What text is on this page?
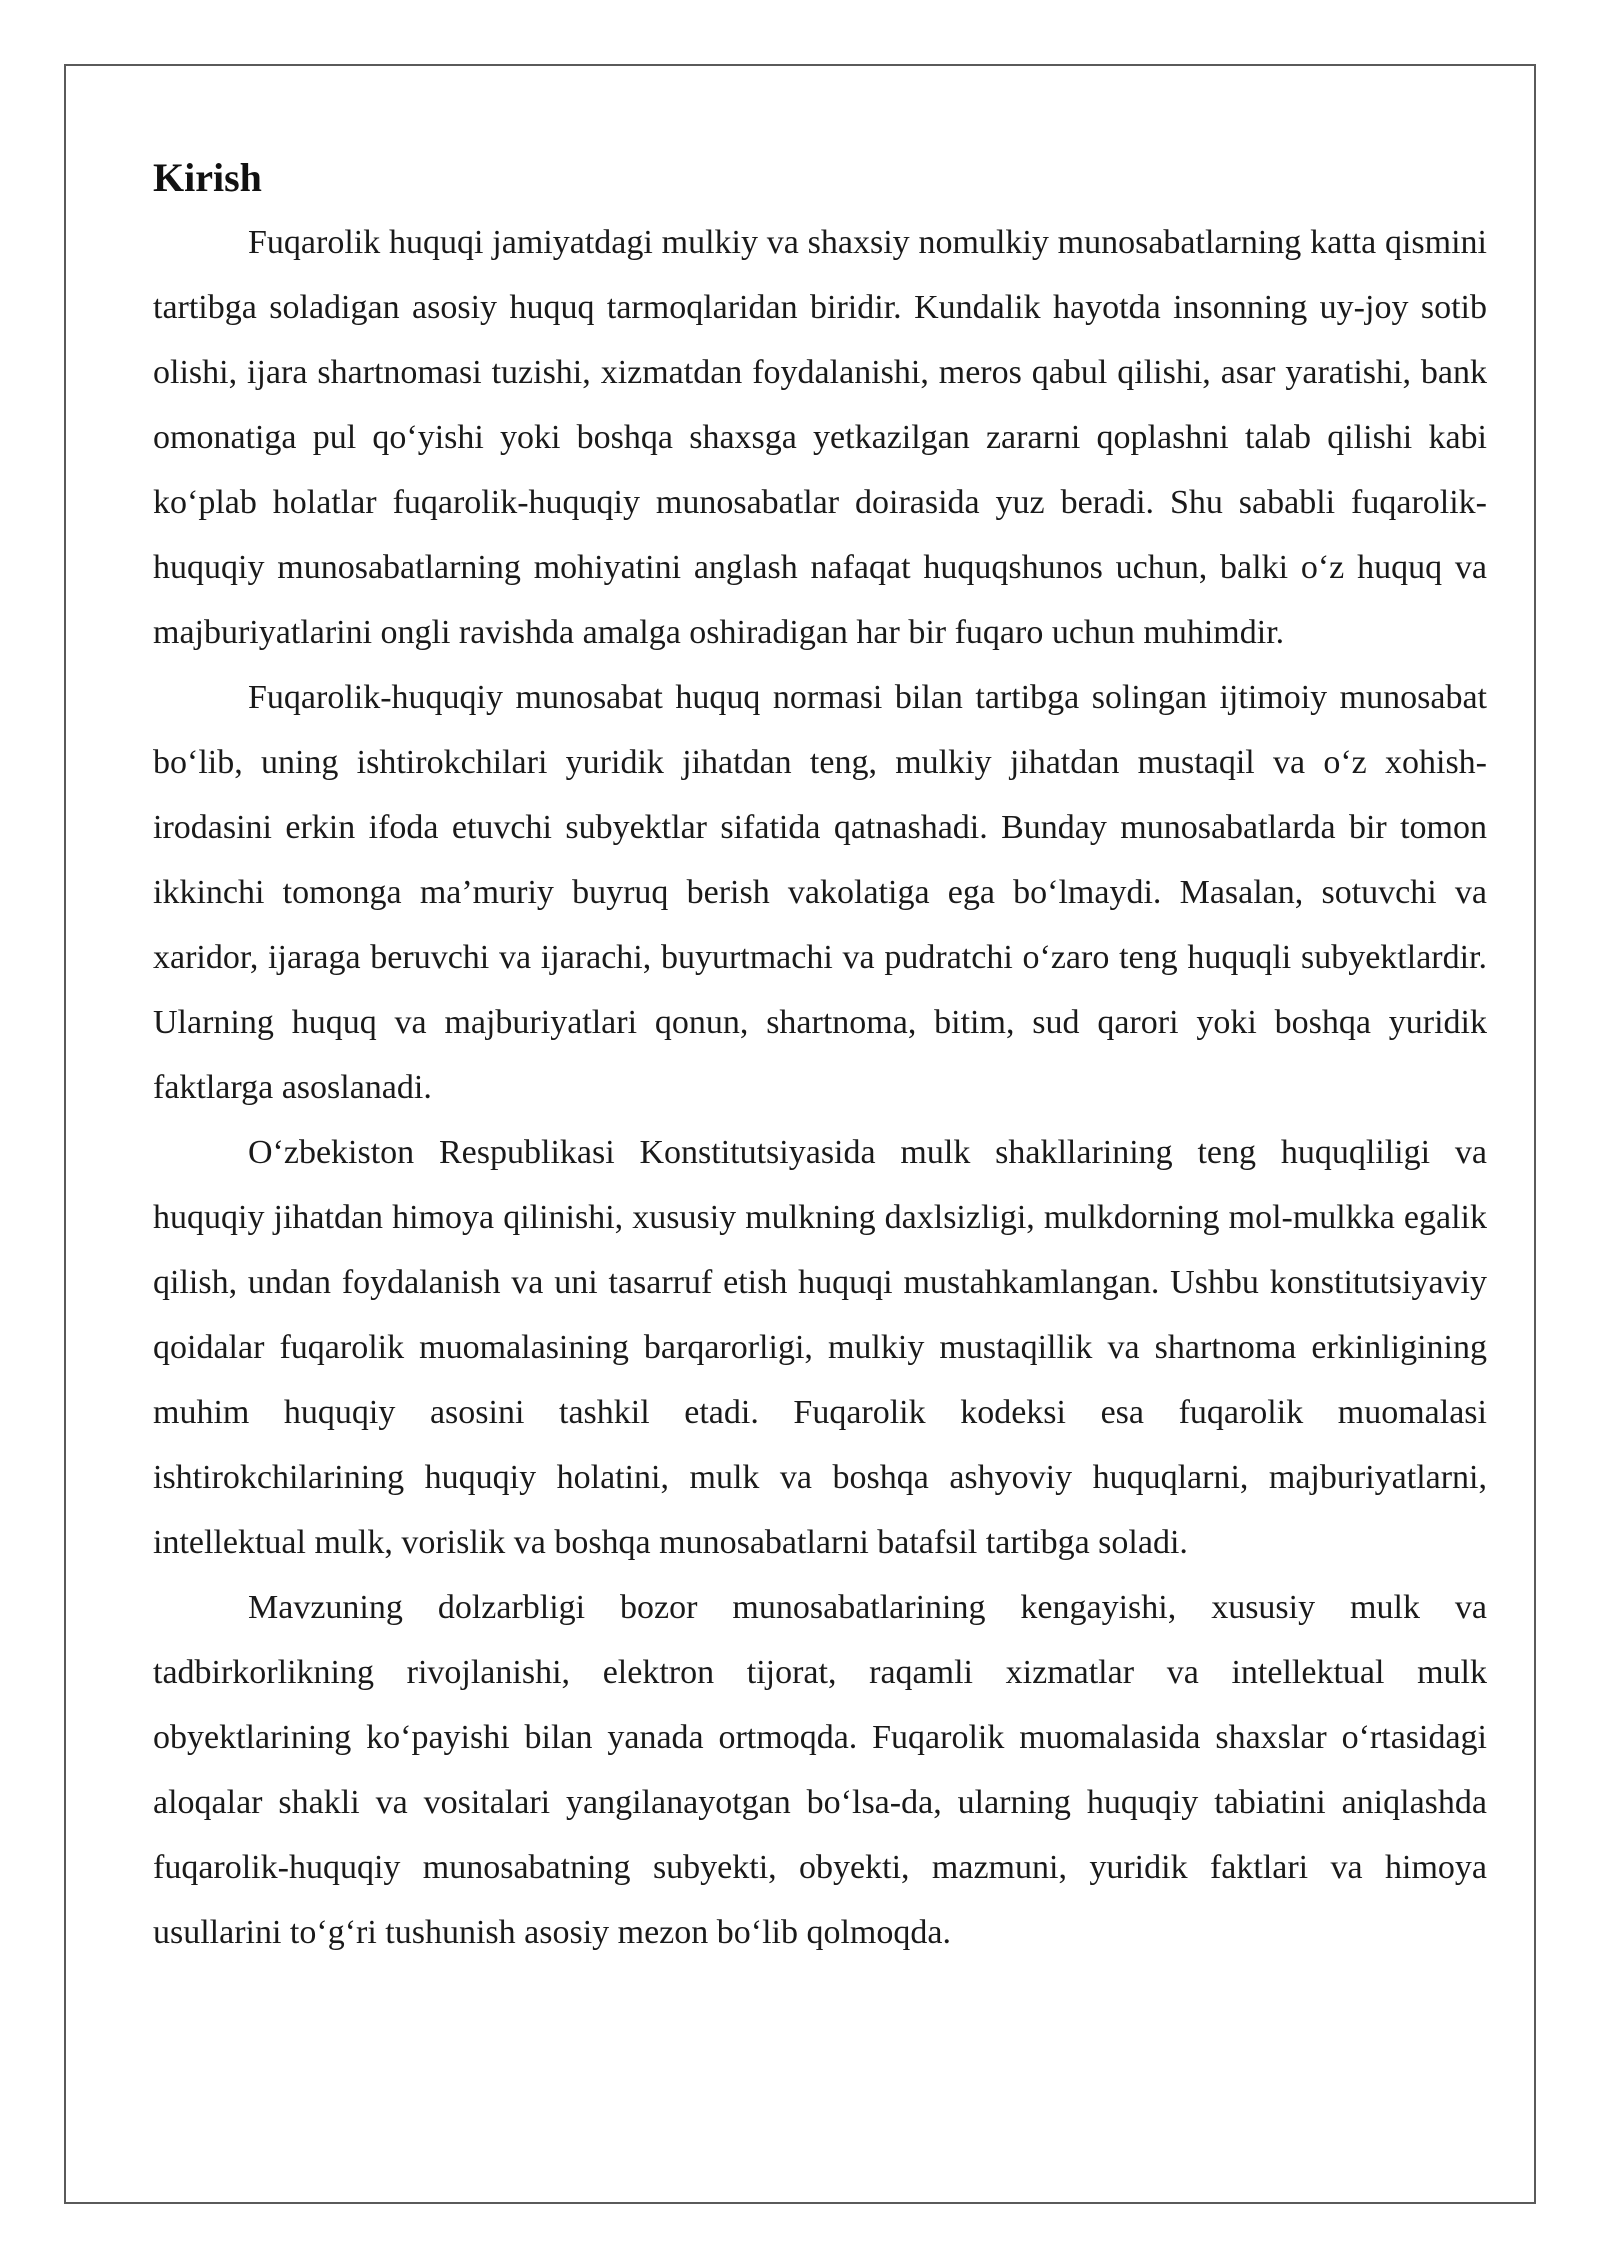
Kirish

Fuqarolik huquqi jamiyatdagi mulkiy va shaxsiy nomulkiy munosabatlarning katta qismini tartibga soladigan asosiy huquq tarmoqlaridan biridir. Kundalik hayotda insonning uy-joy sotib olishi, ijara shartnomasi tuzishi, xizmatdan foydalanishi, meros qabul qilishi, asar yaratishi, bank omonatiga pul qo‘yishi yoki boshqa shaxsga yetkazilgan zararni qoplashni talab qilishi kabi ko‘plab holatlar fuqarolik-huquqiy munosabatlar doirasida yuz beradi. Shu sababli fuqarolik-huquqiy munosabatlarning mohiyatini anglash nafaqat huquqshunos uchun, balki o‘z huquq va majburiyatlarini ongli ravishda amalga oshiradigan har bir fuqaro uchun muhimdir.

Fuqarolik-huquqiy munosabat huquq normasi bilan tartibga solingan ijtimoiy munosabat bo‘lib, uning ishtirokchilari yuridik jihatdan teng, mulkiy jihatdan mustaqil va o‘z xohish-irodasini erkin ifoda etuvchi subyektlar sifatida qatnashadi. Bunday munosabatlarda bir tomon ikkinchi tomonga ma’muriy buyruq berish vakolatiga ega bo‘lmaydi. Masalan, sotuvchi va xaridor, ijaraga beruvchi va ijarachi, buyurtmachi va pudratchi o‘zaro teng huquqli subyektlardir. Ularning huquq va majburiyatlari qonun, shartnoma, bitim, sud qarori yoki boshqa yuridik faktlarga asoslanadi.

O‘zbekiston Respublikasi Konstitutsiyasida mulk shakllarining teng huquqliligi va huquqiy jihatdan himoya qilinishi, xususiy mulkning daxlsizligi, mulkdorning mol-mulkka egalik qilish, undan foydalanish va uni tasarruf etish huquqi mustahkamlangan. Ushbu konstitutsiyaviy qoidalar fuqarolik muomalasining barqarorligi, mulkiy mustaqillik va shartnoma erkinligining muhim huquqiy asosini tashkil etadi. Fuqarolik kodeksi esa fuqarolik muomalasi ishtirokchilarining huquqiy holatini, mulk va boshqa ashyoviy huquqlarni, majburiyatlarni, intellektual mulk, vorislik va boshqa munosabatlarni batafsil tartibga soladi.

Mavzuning dolzarbligi bozor munosabatlarining kengayishi, xususiy mulk va tadbirkorlikning rivojlanishi, elektron tijorat, raqamli xizmatlar va intellektual mulk obyektlarining ko‘payishi bilan yanada ortmoqda. Fuqarolik muomalasida shaxslar o‘rtasidagi aloqalar shakli va vositalari yangilanayotgan bo‘lsa-da, ularning huquqiy tabiatini aniqlashda fuqarolik-huquqiy munosabatning subyekti, obyekti, mazmuni, yuridik faktlari va himoya usullarini to‘g‘ri tushunish asosiy mezon bo‘lib qolmoqda.
